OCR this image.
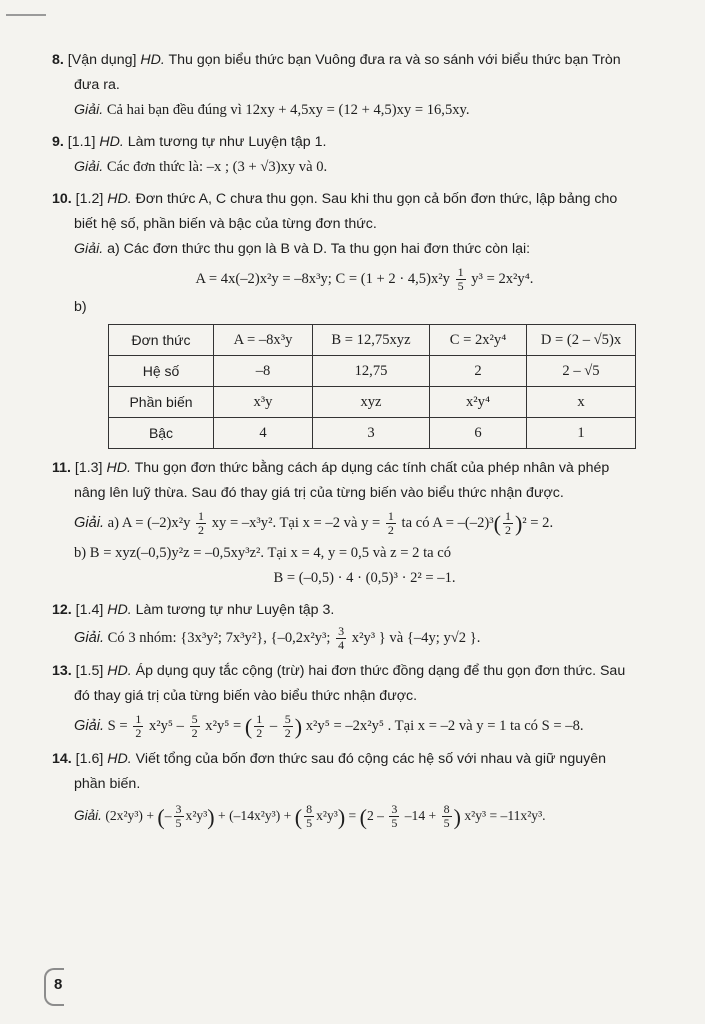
8. [Vận dụng] HD. Thu gọn biểu thức bạn Vuông đưa ra và so sánh với biểu thức bạn Tròn
đưa ra.
Giải. Cả hai bạn đều đúng vì 12xy + 4,5xy = (12 + 4,5)xy = 16,5xy.
9. [1.1] HD. Làm tương tự như Luyện tập 1.
Giải. Các đơn thức là: –x ; (3 + √3)xy và 0.
10. [1.2] HD. Đơn thức A, C chưa thu gọn. Sau khi thu gọn cả bốn đơn thức, lập bảng cho
biết hệ số, phần biến và bậc của từng đơn thức.
Giải. a) Các đơn thức thu gọn là B và D. Ta thu gọn hai đơn thức còn lại:
A = 4x(–2)x²y = –8x³y; $C = (1 + 2 \cdot 4,5)x^2y \frac{1}{5} y^3 = 2x^2y^4$.
b)
Đơn thức	A = –8x³y	B = 12,75xyz	C = 2x²y⁴	D = (2 – √5)x
Hệ số	–8	12,75	2	2 – √5
Phần biến	x³y	xyz	x²y⁴	x
Bậc	4	3	6	1
11. [1.3] HD. Thu gọn đơn thức bằng cách áp dụng các tính chất của phép nhân và phép
nâng lên luỹ thừa. Sau đó thay giá trị của từng biến vào biểu thức nhận được.
Giải. a) $A = (-2)x^2y \frac{1}{2}$ xy = –x³y². Tại x = –2 và $y = \frac{1}{2}$ ta có $A = -(-2)^3( \frac{1}{2} )^2 = 2$.
b) B = xyz(–0,5)y²z = –0,5xy³z². Tại x = 4, y = 0,5 và z = 2 ta có
B = (–0,5) · 4 · (0,5)³ · 2² = –1.
12. [1.4] HD. Làm tương tự như Luyện tập 3.
Giải. Có 3 nhóm: {3x³y²; 7x³y²}, {–0,2x²y³; $\frac{3}{4} x^2y^3$ } và {–4y; y√2 }.
13. [1.5] HD. Áp dụng quy tắc cộng (trừ) hai đơn thức đồng dạng để thu gọn đơn thức. Sau
đó thay giá trị của từng biến vào biểu thức nhận được.
Giải. $S = \frac{1}{2} x^2y^5 - \frac{5}{2} x^2y^5$ = ( $\frac{1}{2} - \frac{5}{2}$ ) x²y⁵ = –2x²y⁵ . Tại x = –2 và y = 1 ta có S = –8.
14. [1.6] HD. Viết tổng của bốn đơn thức sau đó cộng các hệ số với nhau và giữ nguyên
phần biến.
Giải. (2x²y³) + (– $\frac{3}{5} x^2y^3) + (-14x^2y^3)$ + ( $\frac{8}{5} x^2y^3) = (2 - \frac{3}{5} -14 + \frac{8}{5}$ ) x²y³ = –11x²y³.
8
